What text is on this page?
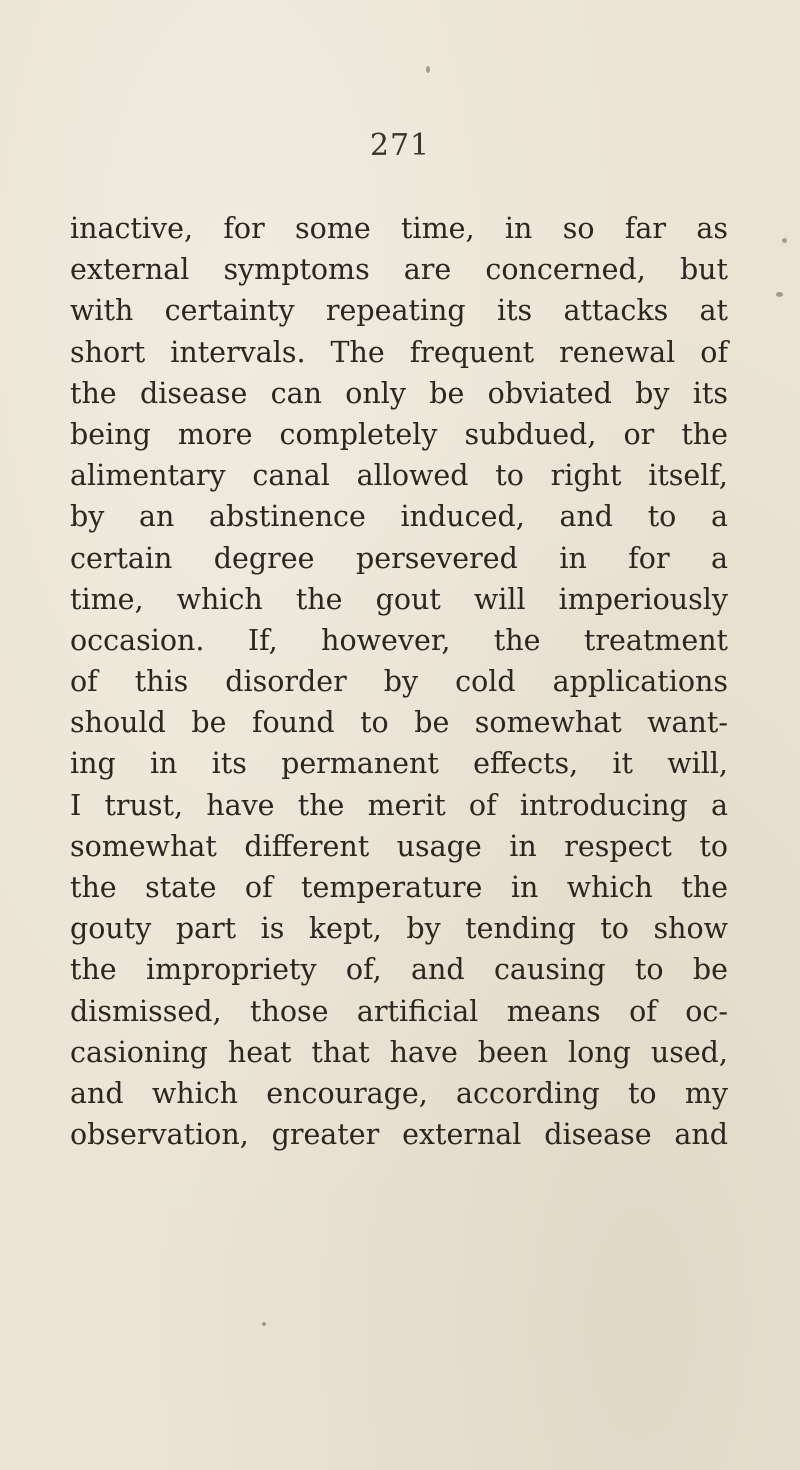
271
inactive, for some time, in so far as
external symptoms are concerned, but
with certainty repeating its attacks at
short intervals. The frequent renewal of
the disease can only be obviated by its
being more completely subdued, or the
alimentary canal allowed to right itself,
by an abstinence induced, and to a
certain degree persevered in for a
time, which the gout will imperiously
occasion. If, however, the treatment
of this disorder by cold applications
should be found to be somewhat want-
ing in its permanent effects, it will,
I trust, have the merit of introducing a
somewhat different usage in respect to
the state of temperature in which the
gouty part is kept, by tending to show
the impropriety of, and causing to be
dismissed, those artificial means of oc-
casioning heat that have been long used,
and which encourage, according to my
observation, greater external disease and
